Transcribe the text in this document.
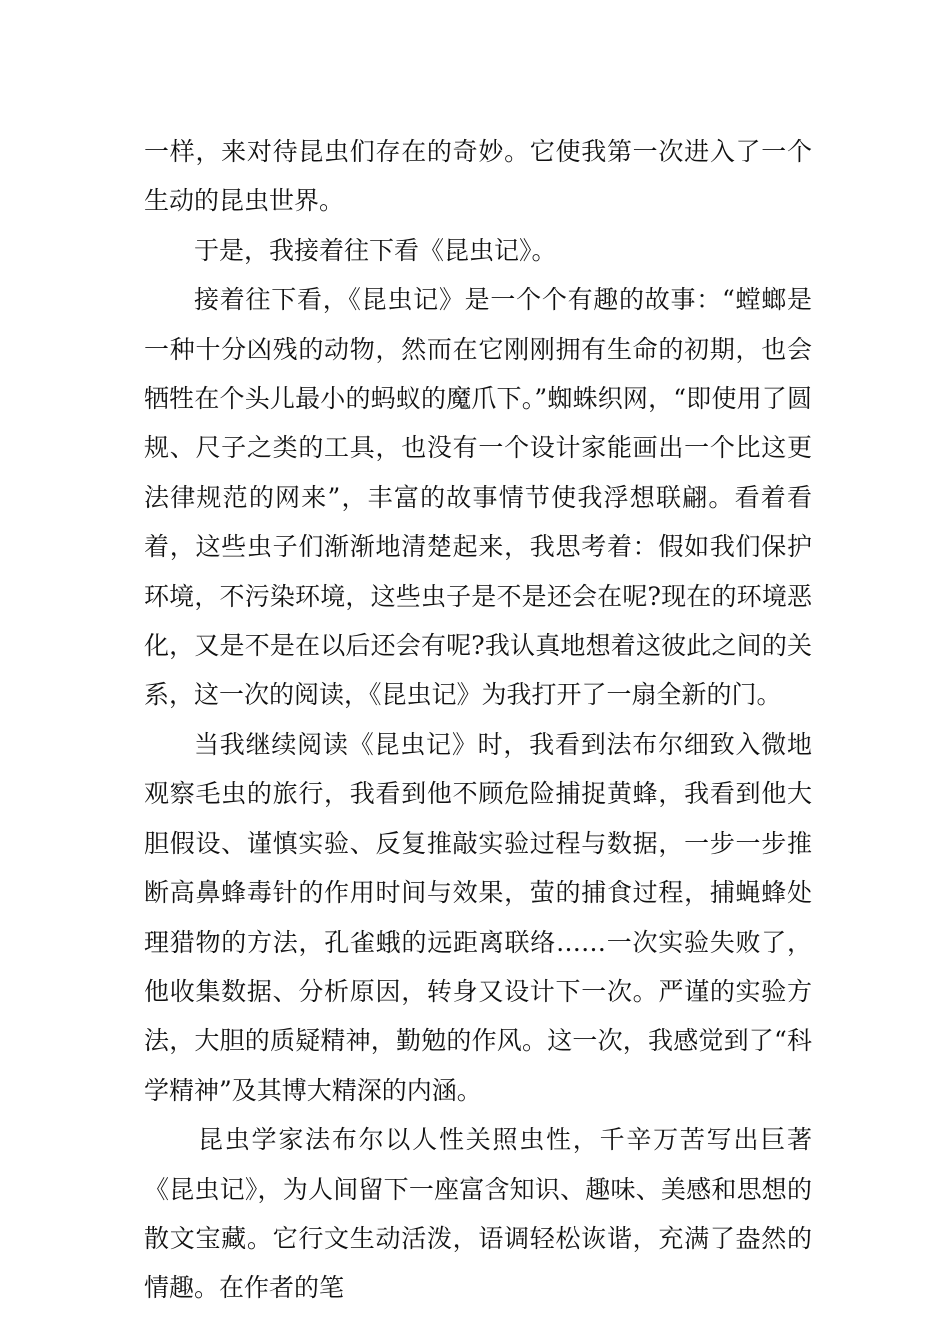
一样，来对待昆虫们存在的奇妙。它使我第一次进入了一个生动的昆虫世界。

于是，我接着往下看《昆虫记》。

接着往下看，《昆虫记》是一个个有趣的故事：“螳螂是一种十分凶残的动物，然而在它刚刚拥有生命的初期，也会牺牲在个头儿最小的蚂蚁的魔爪下。”蜘蛛织网，“即使用了圆规、尺子之类的工具，也没有一个设计家能画出一个比这更法律规范的网来”，丰富的故事情节使我浮想联翩。看着看着，这些虫子们渐渐地清楚起来，我思考着：假如我们保护环境，不污染环境，这些虫子是不是还会在呢?现在的环境恶化，又是不是在以后还会有呢?我认真地想着这彼此之间的关系，这一次的阅读，《昆虫记》为我打开了一扇全新的门。

当我继续阅读《昆虫记》时，我看到法布尔细致入微地观察毛虫的旅行，我看到他不顾危险捕捉黄蜂，我看到他大胆假设、谨慎实验、反复推敲实验过程与数据，一步一步推断高鼻蜂毒针的作用时间与效果，萤的捕食过程，捕蝇蜂处理猎物的方法，孔雀蛾的远距离联络……一次实验失败了，他收集数据、分析原因，转身又设计下一次。严谨的实验方法，大胆的质疑精神，勤勉的作风。这一次，我感觉到了“科学精神”及其博大精深的内涵。

昆虫学家法布尔以人性关照虫性，千辛万苦写出巨著《昆虫记》，为人间留下一座富含知识、趣味、美感和思想的散文宝藏。它行文生动活泼，语调轻松诙谐，充满了盎然的情趣。在作者的笔
